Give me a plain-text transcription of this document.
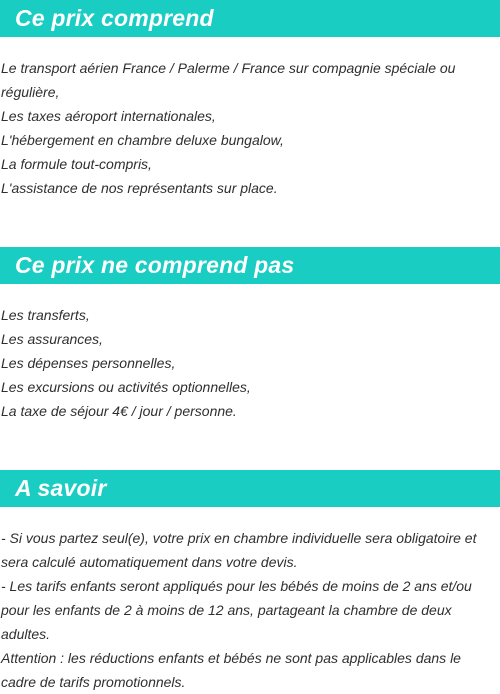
Ce prix comprend
Le transport aérien France / Palerme / France sur compagnie spéciale ou régulière,
Les taxes aéroport internationales,
L'hébergement en chambre deluxe bungalow,
La formule tout-compris,
L'assistance de nos représentants sur place.
Ce prix ne comprend pas
Les transferts,
Les assurances,
Les dépenses personnelles,
Les excursions ou activités optionnelles,
La taxe de séjour 4€ / jour / personne.
A savoir
- Si vous partez seul(e), votre prix en chambre individuelle sera obligatoire et sera calculé automatiquement dans votre devis.
- Les tarifs enfants seront appliqués pour les bébés de moins de 2 ans et/ou pour les enfants de 2 à moins de 12 ans, partageant la chambre de deux adultes.
Attention : les réductions enfants et bébés ne sont pas applicables dans le cadre de tarifs promotionnels.
